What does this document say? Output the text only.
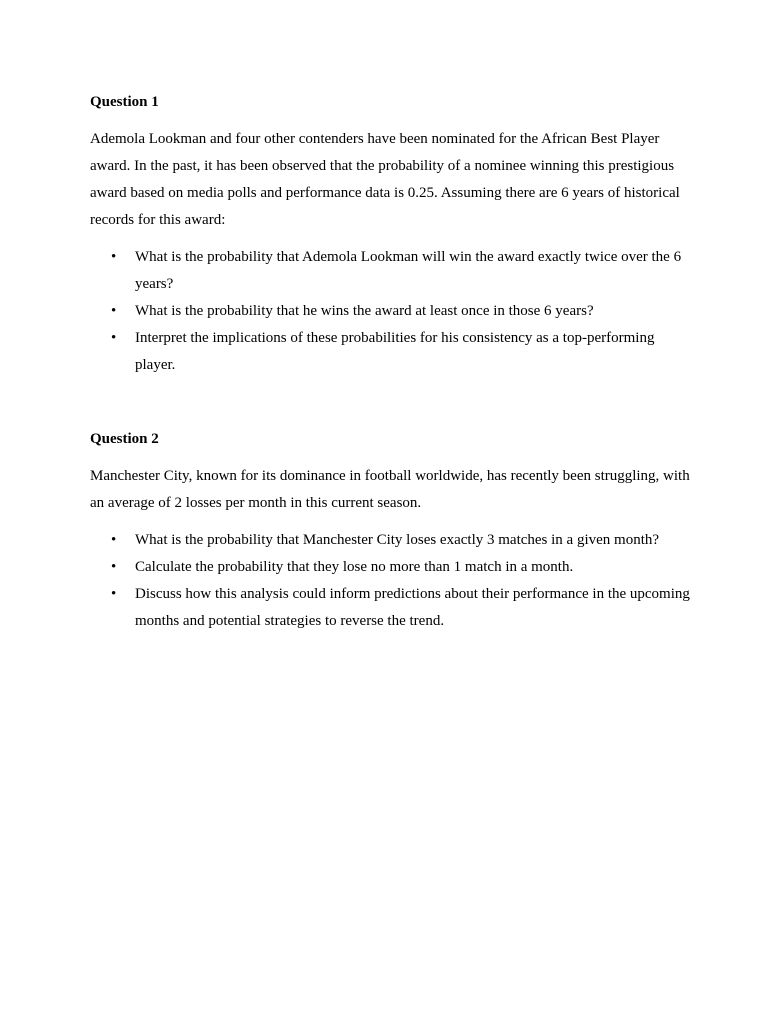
Question 1

Ademola Lookman and four other contenders have been nominated for the African Best Player award. In the past, it has been observed that the probability of a nominee winning this prestigious award based on media polls and performance data is 0.25. Assuming there are 6 years of historical records for this award:

• What is the probability that Ademola Lookman will win the award exactly twice over the 6 years?
• What is the probability that he wins the award at least once in those 6 years?
• Interpret the implications of these probabilities for his consistency as a top-performing player.
Question 2

Manchester City, known for its dominance in football worldwide, has recently been struggling, with an average of 2 losses per month in this current season.

• What is the probability that Manchester City loses exactly 3 matches in a given month?
• Calculate the probability that they lose no more than 1 match in a month.
• Discuss how this analysis could inform predictions about their performance in the upcoming months and potential strategies to reverse the trend.
